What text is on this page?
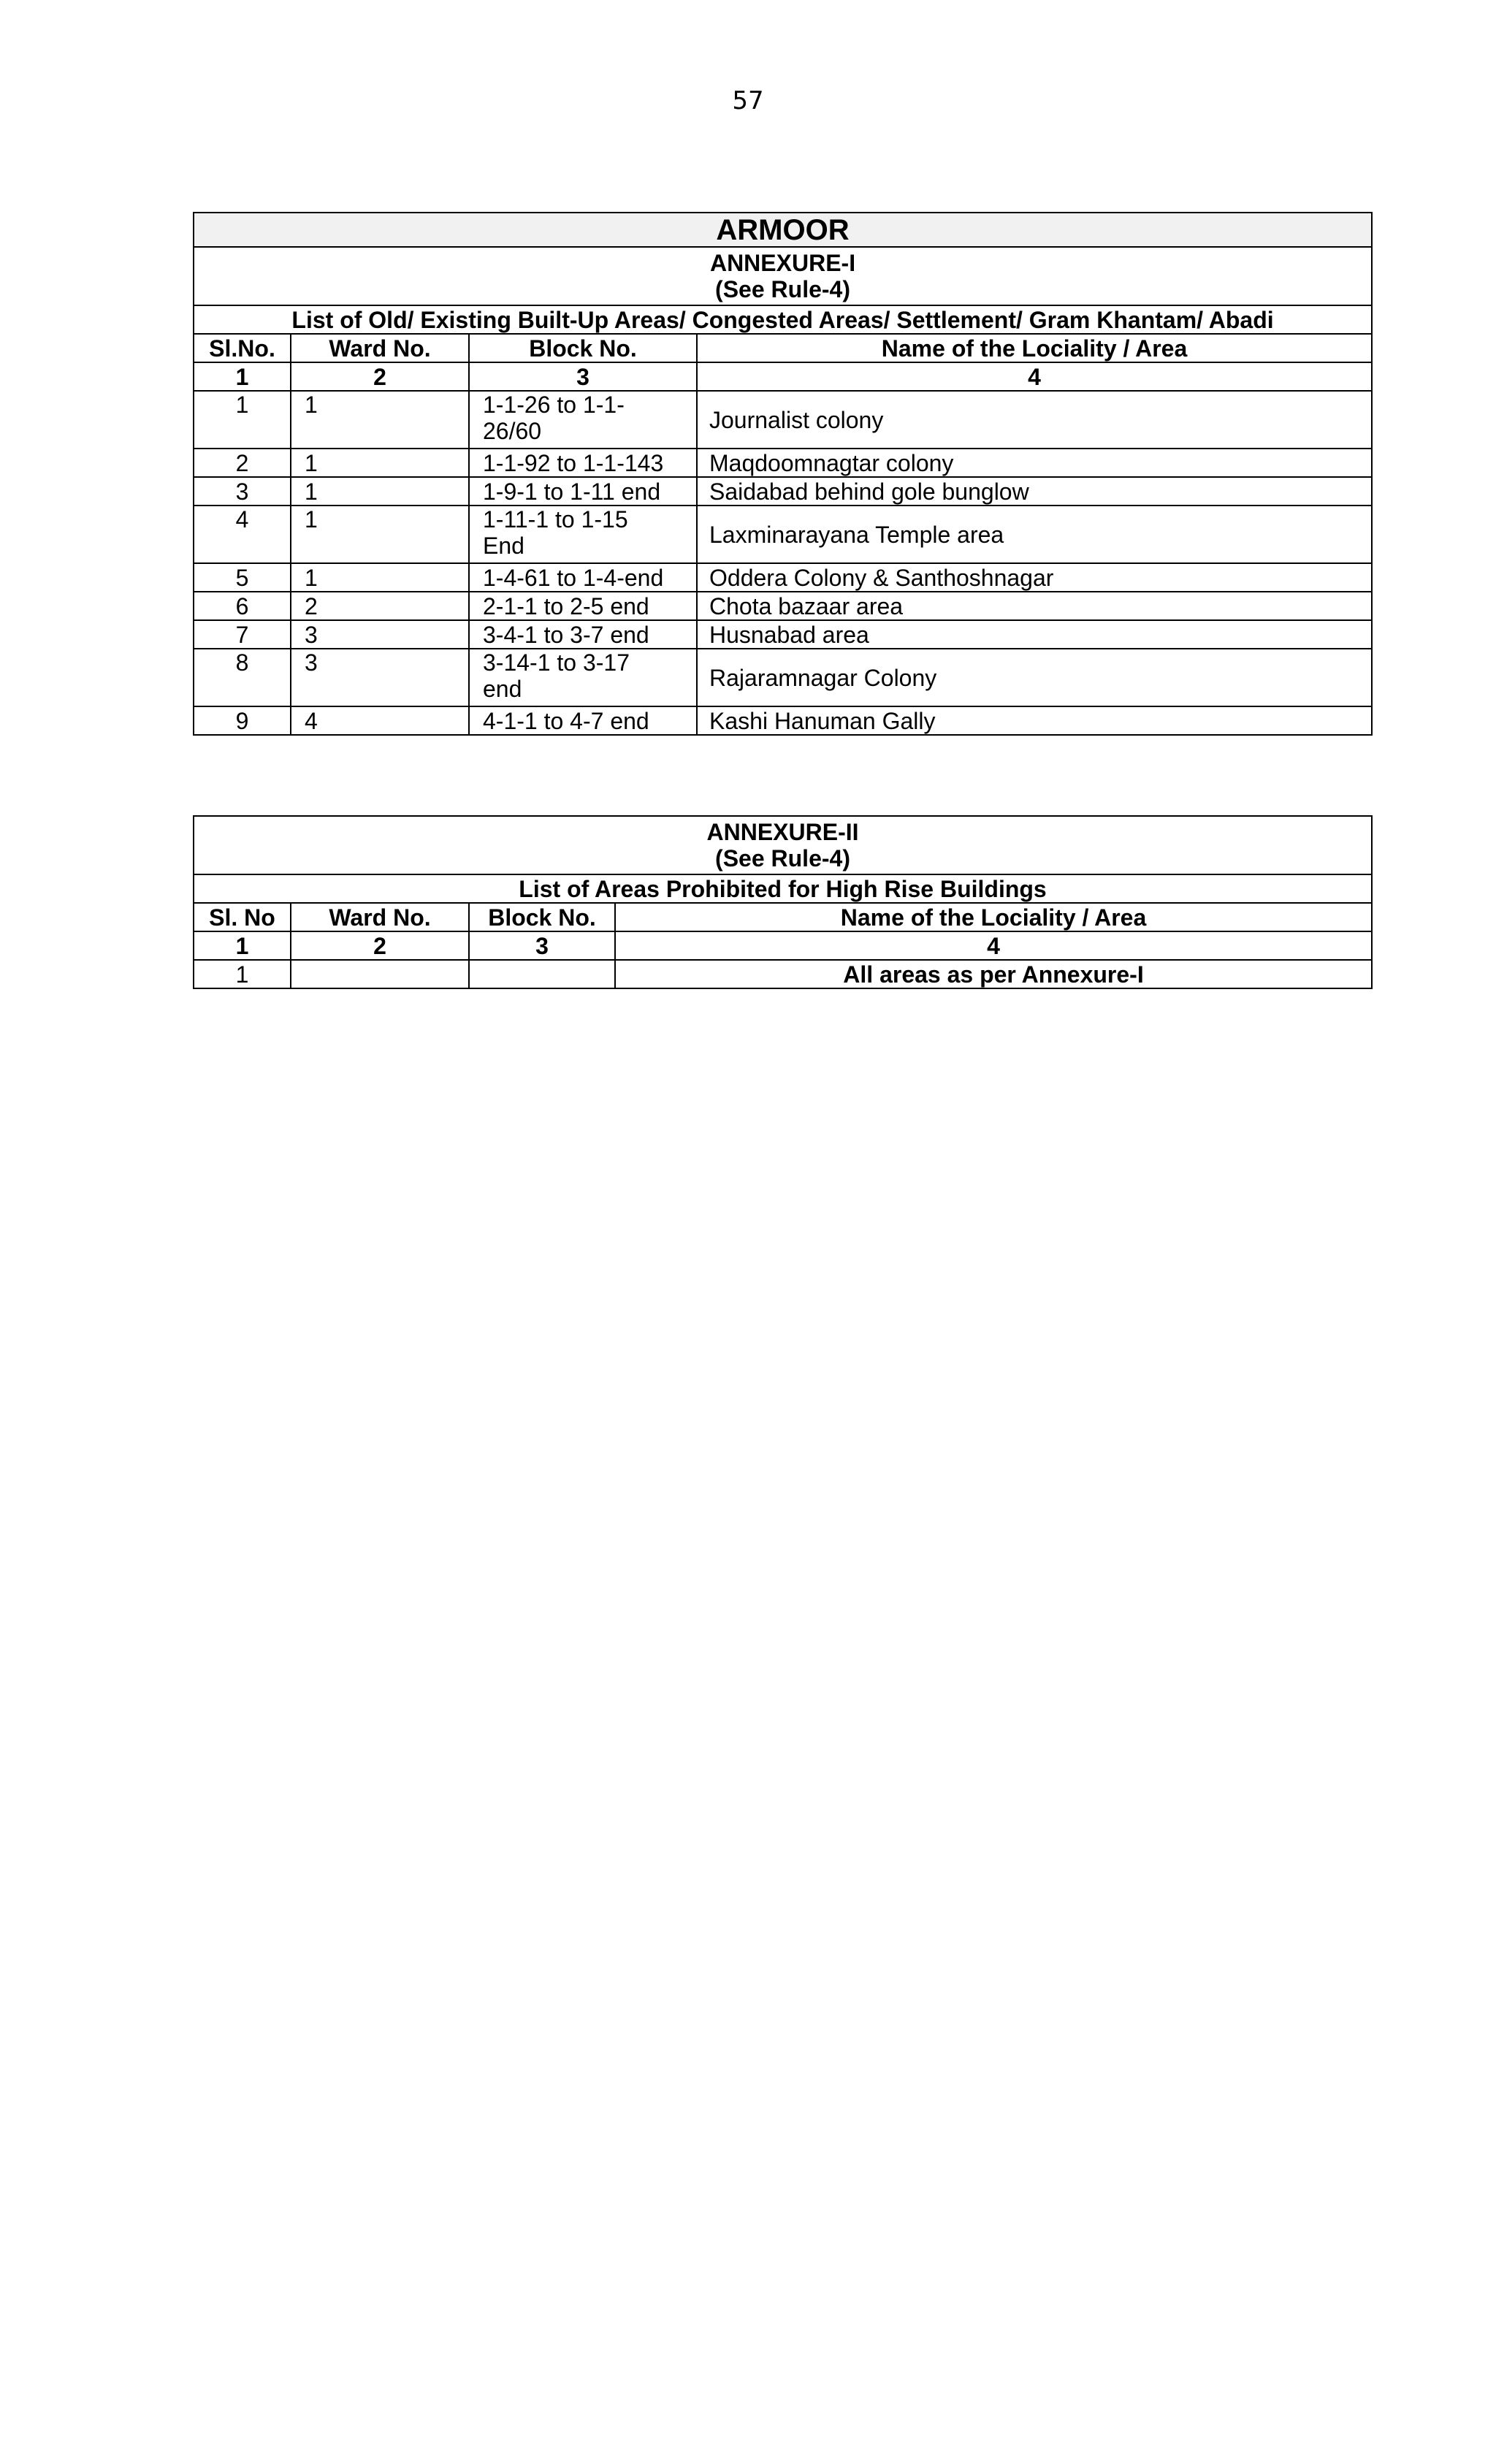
57
ARMOOR			

ANNEXURE-I
(See Rule-4)			

List of Old/ Existing Built-Up Areas/ Congested Areas/ Settlement/ Gram Khantam/ Abadi			
Sl.No.	Ward No.	Block No.	Name of the Lociality / Area
1	2	3	4
1	1	1-1-26 to 1-1-26/60	Journalist colony
2	1	1-1-92 to 1-1-143	Maqdoomnagtar colony
3	1	1-9-1 to 1-11 end	Saidabad behind gole bunglow
4	1	1-11-1 to 1-15 End	Laxminarayana Temple area
5	1	1-4-61 to 1-4-end	Oddera Colony & Santhoshnagar
6	2	2-1-1 to 2-5 end	Chota bazaar area
7	3	3-4-1 to 3-7 end	Husnabad area
8	3	3-14-1 to 3-17 end	Rajaramnagar Colony
9	4	4-1-1 to 4-7 end	Kashi Hanuman Gally
ANNEXURE-II
(See Rule-4)			

List of Areas Prohibited for High Rise Buildings			
Sl. No	Ward No.	Block No.	Name of the Lociality / Area
1	2	3	4
1			All areas as per Annexure-I
